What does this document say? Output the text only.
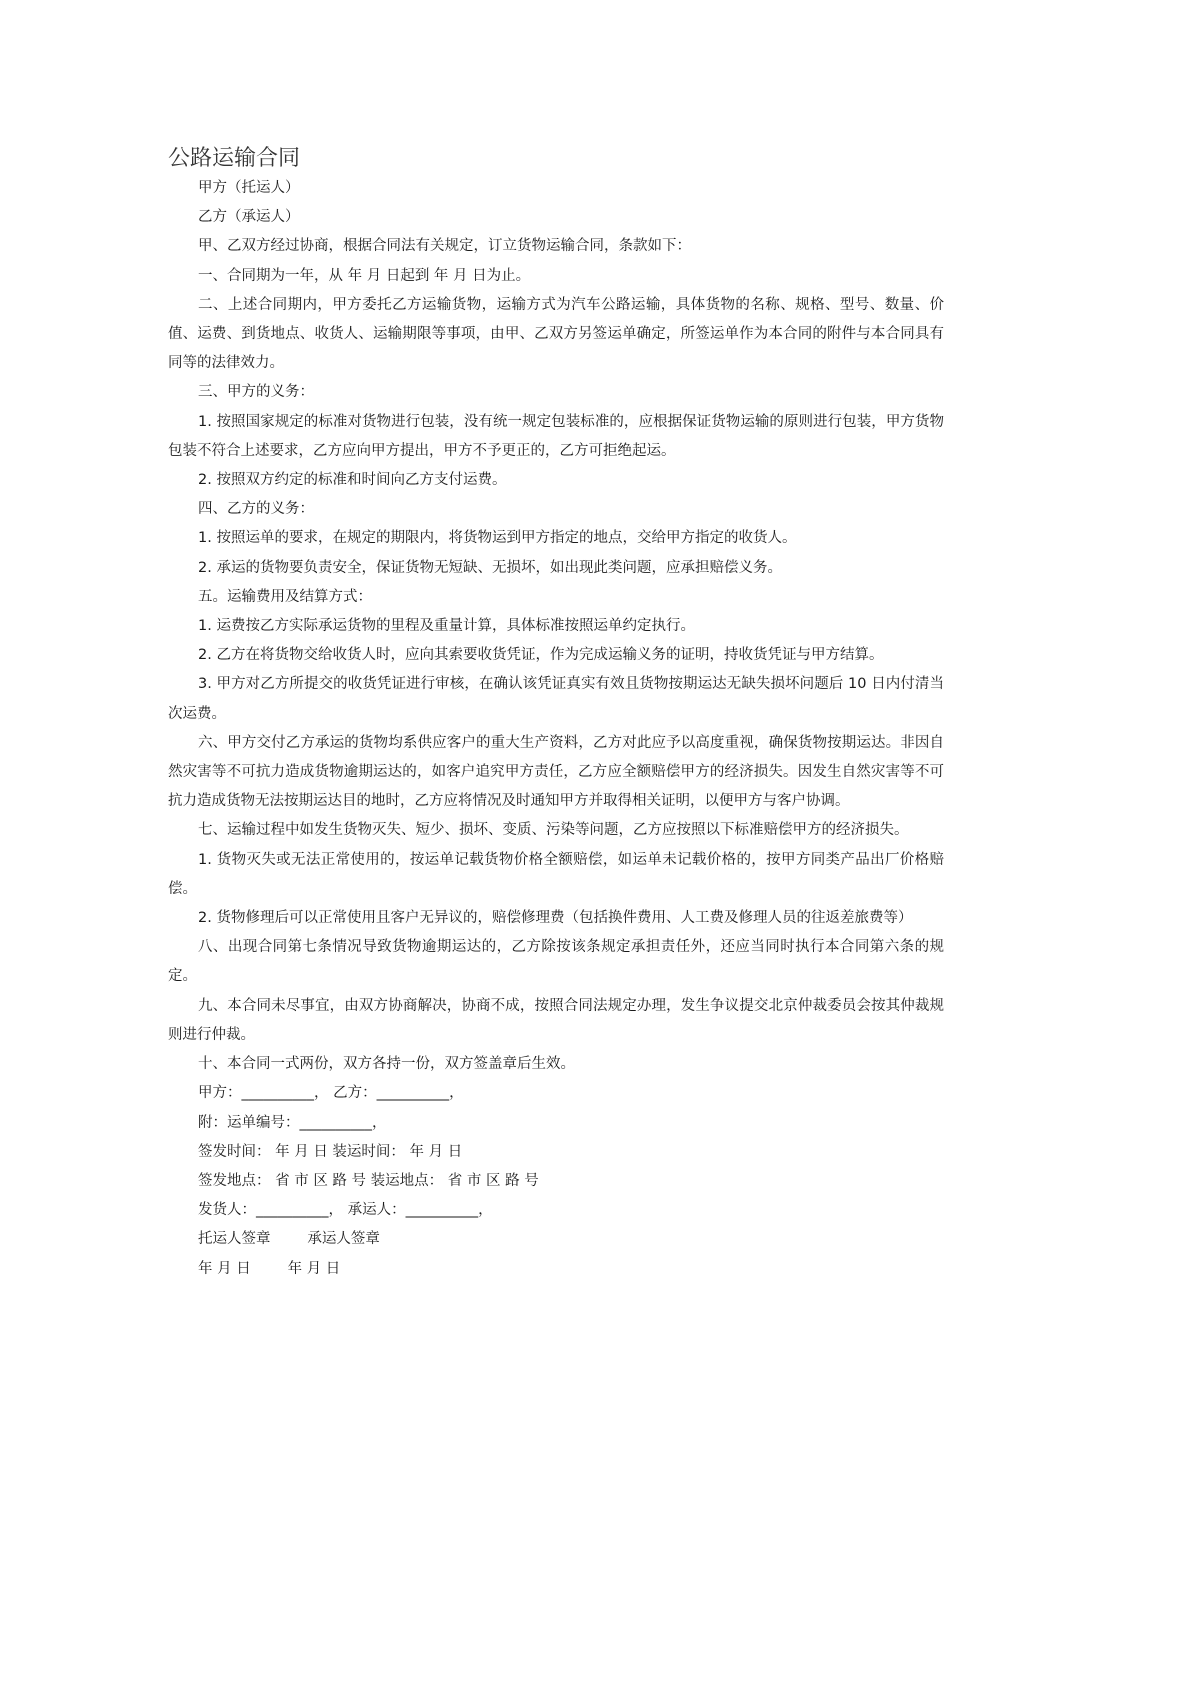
公路运输合同

甲方（托运人）

乙方（承运人）

甲、乙双方经过协商，根据合同法有关规定，订立货物运输合同，条款如下：

一、合同期为一年，从 年 月 日起到 年 月 日为止。

二、上述合同期内，甲方委托乙方运输货物，运输方式为汽车公路运输，具体货物的名称、规格、型号、数量、价值、运费、到货地点、收货人、运输期限等事项，由甲、乙双方另签运单确定，所签运单作为本合同的附件与本合同具有同等的法律效力。

三、甲方的义务：

1. 按照国家规定的标准对货物进行包装，没有统一规定包装标准的，应根据保证货物运输的原则进行包装，甲方货物包装不符合上述要求，乙方应向甲方提出，甲方不予更正的，乙方可拒绝起运。

2. 按照双方约定的标准和时间向乙方支付运费。

四、乙方的义务：

1. 按照运单的要求，在规定的期限内，将货物运到甲方指定的地点，交给甲方指定的收货人。

2. 承运的货物要负责安全，保证货物无短缺、无损坏，如出现此类问题，应承担赔偿义务。

五。运输费用及结算方式：

1. 运费按乙方实际承运货物的里程及重量计算，具体标准按照运单约定执行。

2. 乙方在将货物交给收货人时，应向其索要收货凭证，作为完成运输义务的证明，持收货凭证与甲方结算。

3. 甲方对乙方所提交的收货凭证进行审核，在确认该凭证真实有效且货物按期运达无缺失损坏问题后 10 日内付清当次运费。

六、甲方交付乙方承运的货物均系供应客户的重大生产资料，乙方对此应予以高度重视，确保货物按期运达。非因自然灾害等不可抗力造成货物逾期运达的，如客户追究甲方责任，乙方应全额赔偿甲方的经济损失。因发生自然灾害等不可抗力造成货物无法按期运达目的地时，乙方应将情况及时通知甲方并取得相关证明，以便甲方与客户协调。

七、运输过程中如发生货物灭失、短少、损坏、变质、污染等问题，乙方应按照以下标准赔偿甲方的经济损失。

1. 货物灭失或无法正常使用的，按运单记载货物价格全额赔偿，如运单未记载价格的，按甲方同类产品出厂价格赔偿。

2. 货物修理后可以正常使用且客户无异议的，赔偿修理费（包括换件费用、人工费及修理人员的往返差旅费等）

八、出现合同第七条情况导致货物逾期运达的，乙方除按该条规定承担责任外，还应当同时执行本合同第六条的规定。

九、本合同未尽事宜，由双方协商解决，协商不成，按照合同法规定办理，发生争议提交北京仲裁委员会按其仲裁规则进行仲裁。

十、本合同一式两份，双方各持一份，双方签盖章后生效。

甲方：__________， 乙方：__________，

附：运单编号：__________，

签发时间： 年 月 日 装运时间： 年 月 日

签发地点： 省 市 区 路 号 装运地点： 省 市 区 路 号

发货人：__________， 承运人：__________，

托运人签章        承运人签章

年 月 日        年 月 日
